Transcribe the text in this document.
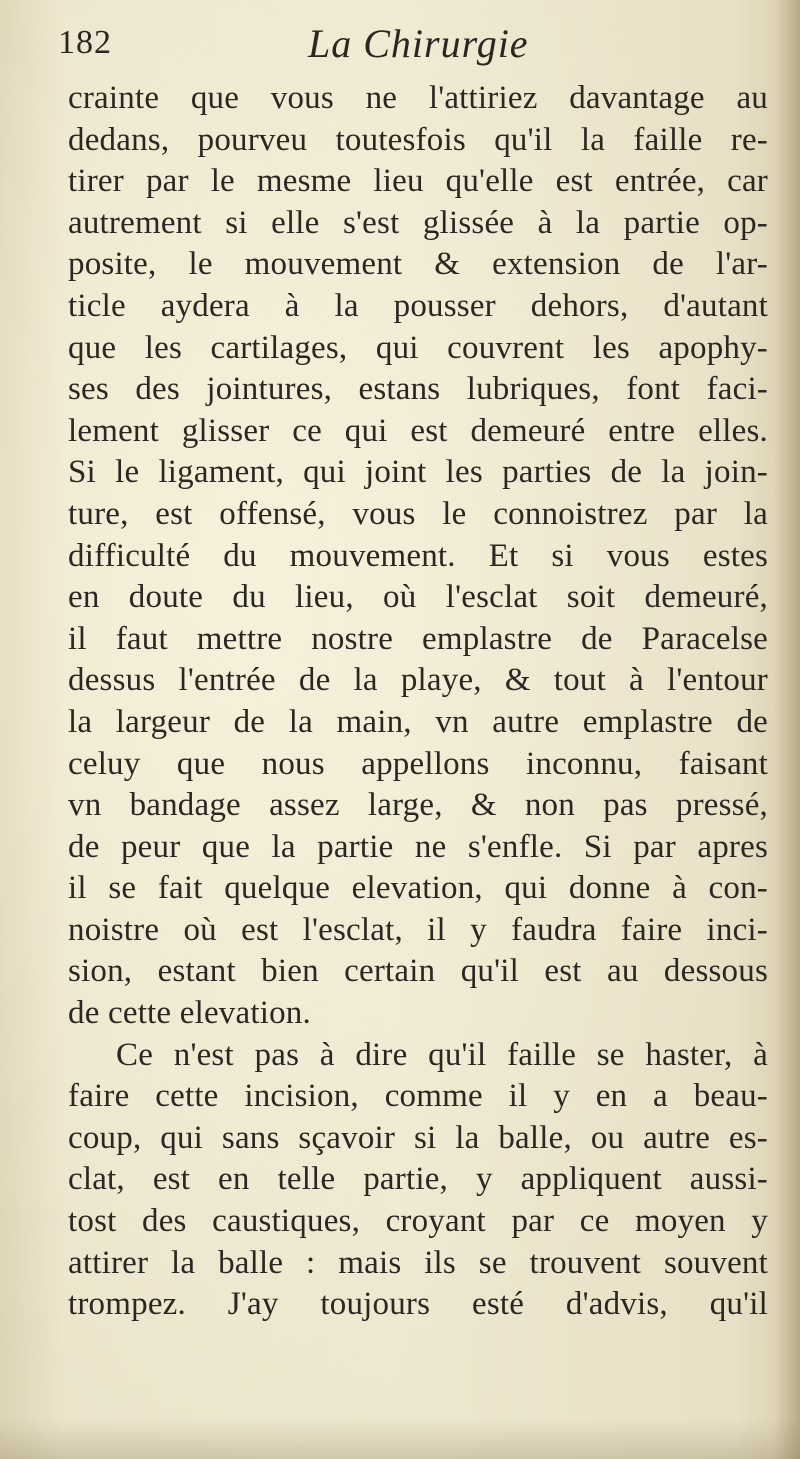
182	La Chirurgie
crainte que vous ne l'attiriez davantage au
dedans, pourveu toutesfois qu'il la faille re-
tirer par le mesme lieu qu'elle est entrée, car
autrement si elle s'est glissée à la partie op-
posite, le mouvement & extension de l'ar-
ticle aydera à la pousser dehors, d'autant
que les cartilages, qui couvrent les apophy-
ses des jointures, estans lubriques, font faci-
lement glisser ce qui est demeuré entre elles.
Si le ligament, qui joint les parties de la join-
ture, est offensé, vous le connoistrez par la
difficulté du mouvement. Et si vous estes
en doute du lieu, où l'esclat soit demeuré,
il faut mettre nostre emplastre de Paracelse
dessus l'entrée de la playe, & tout à l'entour
la largeur de la main, vn autre emplastre de
celuy que nous appellons inconnu, faisant
vn bandage assez large, & non pas pressé,
de peur que la partie ne s'enfle. Si par apres
il se fait quelque elevation, qui donne à con-
noistre où est l'esclat, il y faudra faire inci-
sion, estant bien certain qu'il est au dessous
de cette elevation.
Ce n'est pas à dire qu'il faille se haster, à
faire cette incision, comme il y en a beau-
coup, qui sans sçavoir si la balle, ou autre es-
clat, est en telle partie, y appliquent aussi-
tost des caustiques, croyant par ce moyen y
attirer la balle : mais ils se trouvent souvent
trompez. J'ay toujours esté d'advis, qu'il
